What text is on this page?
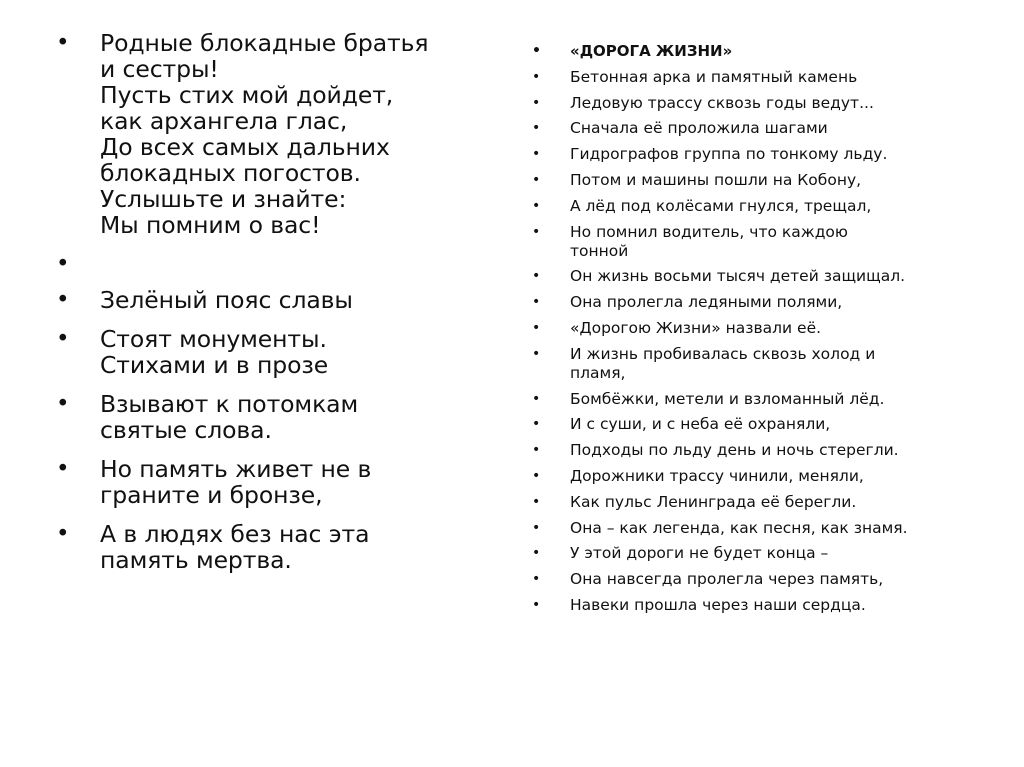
• Родные блокадные братья
и сестры!
Пусть стих мой дойдет,
как архангела глас,
До всех самых дальних
блокадных погостов.
Услышьте и знайте:
Мы помним о вас!
•
• Зелёный пояс славы
• Стоят монументы.
Стихами и в прозе
• Взывают к потомкам
святые слова.
• Но память живет не в
граните и бронзе,
• А в людях без нас эта
память мертва.
• «ДОРОГА ЖИЗНИ»
• Бетонная арка и памятный камень
• Ледовую трассу сквозь годы ведут...
• Сначала её проложила шагами
• Гидрографов группа по тонкому льду.
• Потом и машины пошли на Кобону,
• А лёд под колёсами гнулся, трещал,
• Но помнил водитель, что каждою
тонной
• Он жизнь восьми тысяч детей защищал.
• Она пролегла ледяными полями,
• «Дорогою Жизни» назвали её.
• И жизнь пробивалась сквозь холод и
пламя,
• Бомбёжки, метели и взломанный лёд.
• И с суши, и с неба её охраняли,
• Подходы по льду день и ночь стерегли.
• Дорожники трассу чинили, меняли,
• Как пульс Ленинграда её берегли.
• Она – как легенда, как песня, как знамя.
• У этой дороги не будет конца –
• Она навсегда пролегла через память,
• Навеки прошла через наши сердца.
